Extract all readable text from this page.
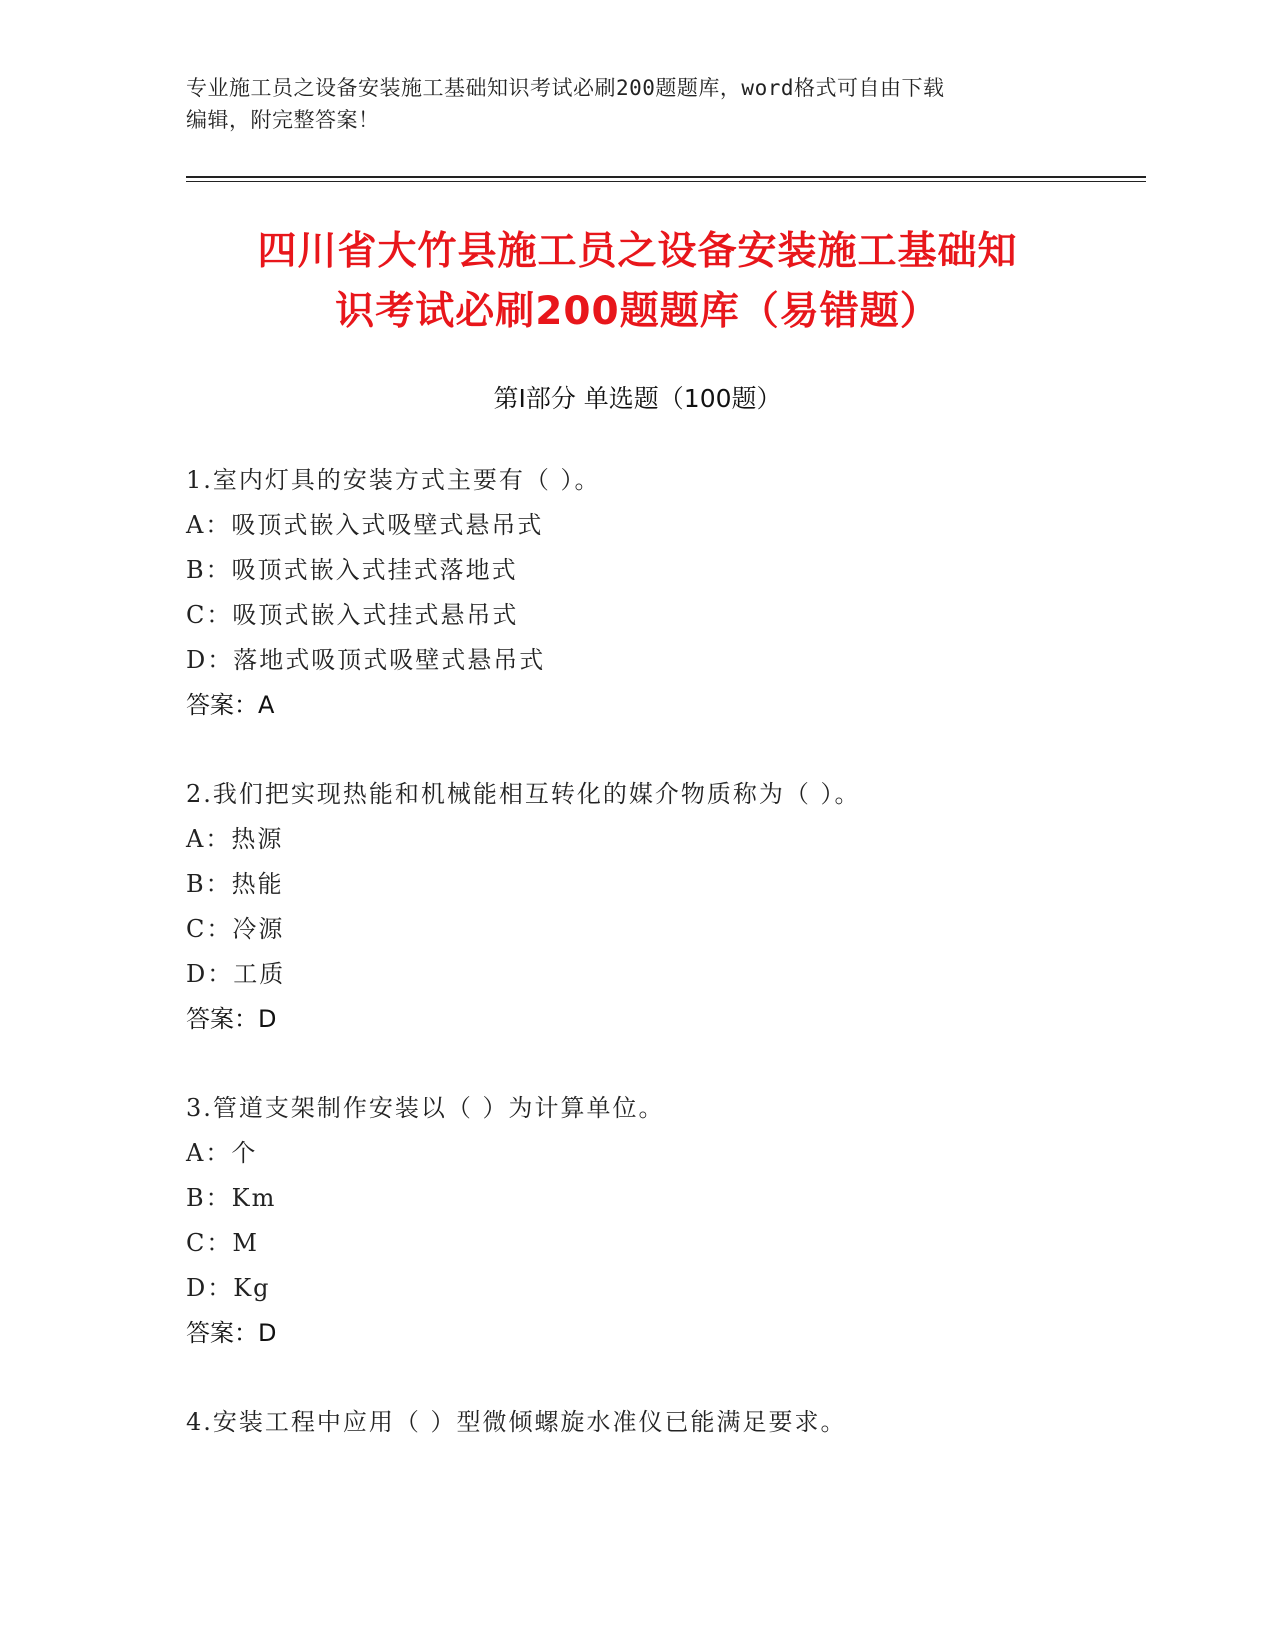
专业施工员之设备安装施工基础知识考试必刷200题题库，word格式可自由下载
编辑，附完整答案！
四川省大竹县施工员之设备安装施工基础知
识考试必刷200题题库（易错题）
第Ⅰ部分 单选题（100题）
1.室内灯具的安装方式主要有（ ）。
A：吸顶式嵌入式吸壁式悬吊式
B：吸顶式嵌入式挂式落地式
C：吸顶式嵌入式挂式悬吊式
D：落地式吸顶式吸壁式悬吊式
答案：A
2.我们把实现热能和机械能相互转化的媒介物质称为（ ）。
A：热源
B：热能
C：冷源
D：工质
答案：D
3.管道支架制作安装以（ ）为计算单位。
A：个
B：Km
C：M
D：Kg
答案：D
4.安装工程中应用（ ）型微倾螺旋水准仪已能满足要求。
